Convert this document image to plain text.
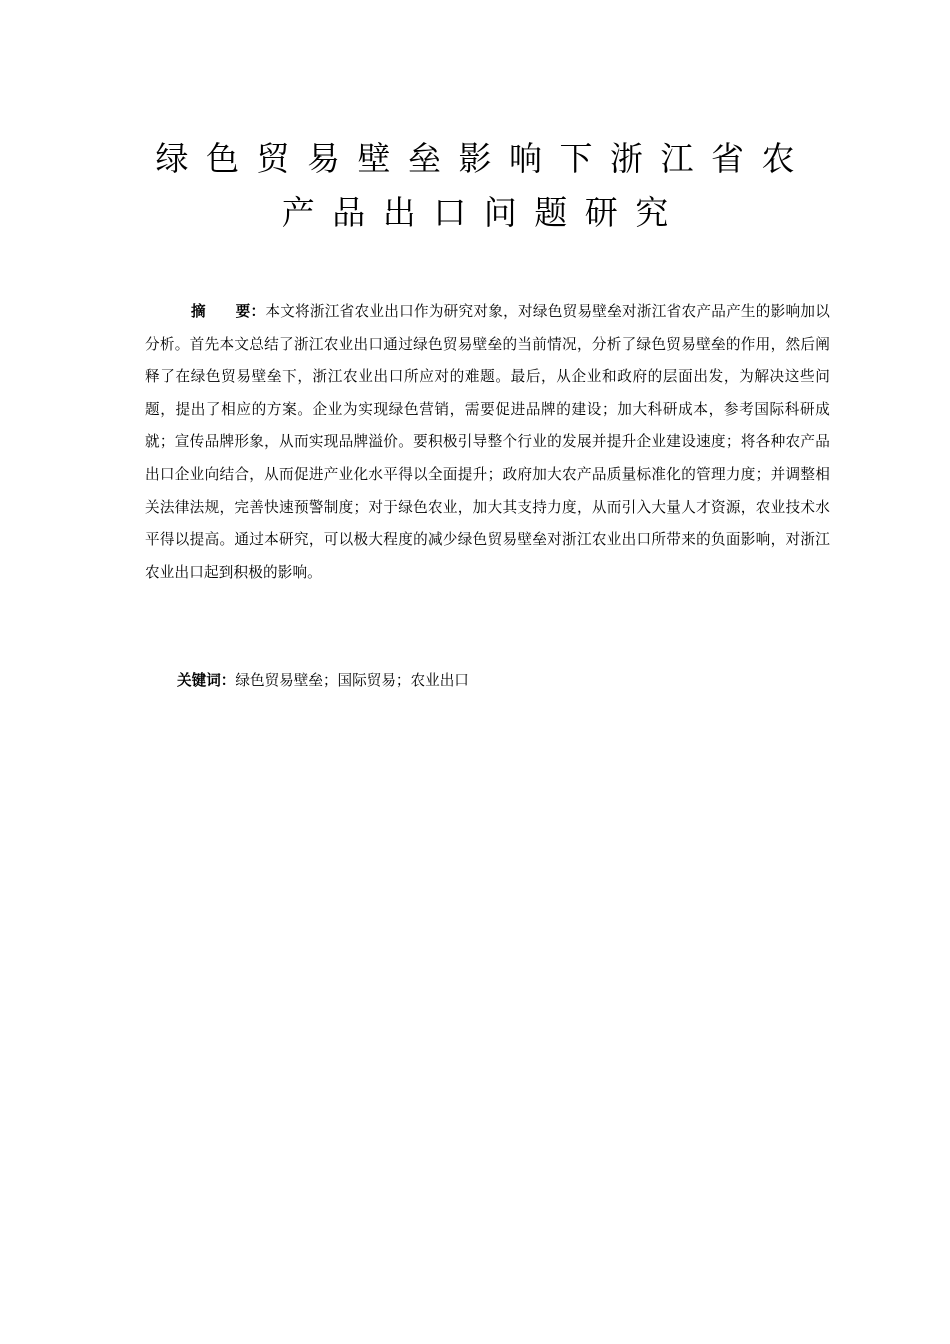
绿色贸易壁垒影响下浙江省农
产品出口问题研究

摘　　要：本文将浙江省农业出口作为研究对象，对绿色贸易壁垒对浙江省农产品产生的影响加以分析。首先本文总结了浙江农业出口通过绿色贸易壁垒的当前情况，分析了绿色贸易壁垒的作用，然后阐释了在绿色贸易壁垒下，浙江农业出口所应对的难题。最后，从企业和政府的层面出发，为解决这些问题，提出了相应的方案。企业为实现绿色营销，需要促进品牌的建设；加大科研成本，参考国际科研成就；宣传品牌形象，从而实现品牌溢价。要积极引导整个行业的发展并提升企业建设速度；将各种农产品出口企业向结合，从而促进产业化水平得以全面提升；政府加大农产品质量标准化的管理力度；并调整相关法律法规，完善快速预警制度；对于绿色农业，加大其支持力度，从而引入大量人才资源，农业技术水平得以提高。通过本研究，可以极大程度的减少绿色贸易壁垒对浙江农业出口所带来的负面影响，对浙江农业出口起到积极的影响。

关键词：绿色贸易壁垒；国际贸易；农业出口
